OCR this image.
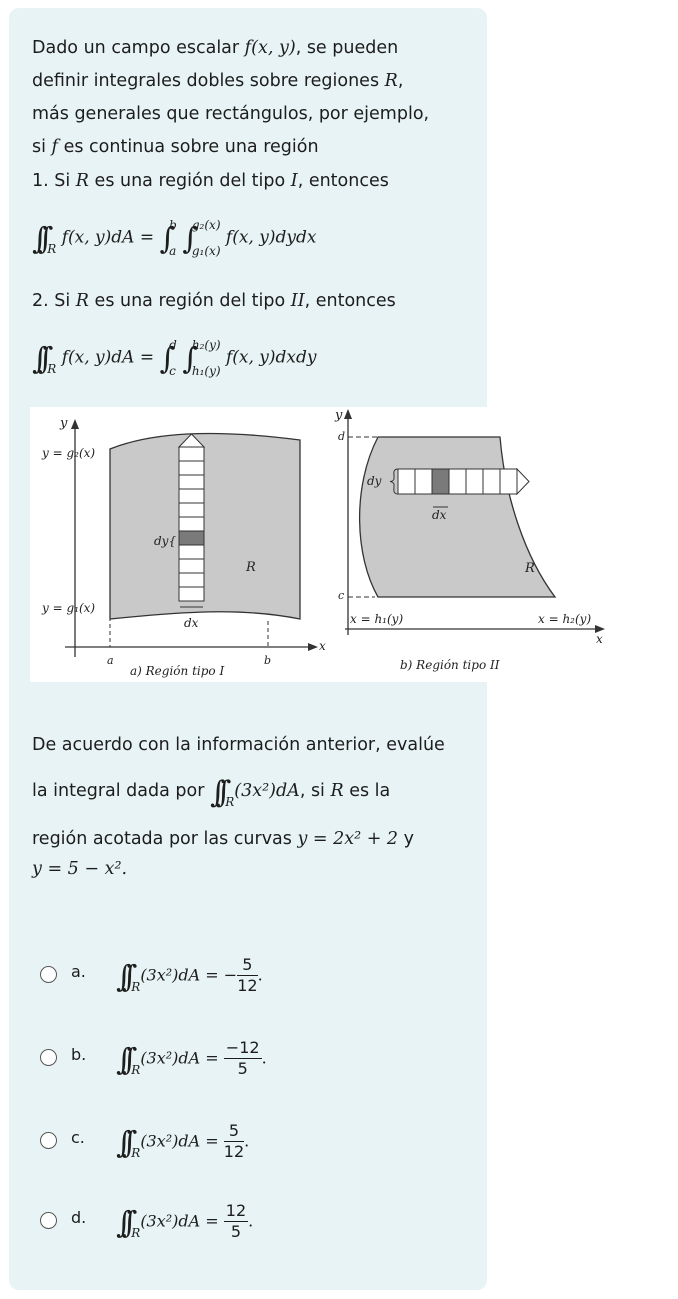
Dado un campo escalar f(x, y), se pueden
definir integrales dobles sobre regiones R,
más generales que rectángulos, por ejemplo,
si f es continua sobre una región
1. Si R es una región del tipo I, entonces
∫∫ $_R$ f(x, y)dA = ∫ b
a ∫ g₂(x)
g₁(x)
f(x, y)dydx
2. Si R es una región del tipo II, entonces
∫∫ $_R$ f(x, y)dA = ∫ d
c ∫ h₂(y)
h₁(y)
f(x, y)dxdy
y
y = g₂(x)
y = g₁(x)
dy{
dx
R
a	b
x
a) Región tipo I
y
d
c
dy
dx
R
x = h₁(y)	x = h₂(y)
x
b) Región tipo II
De acuerdo con la información anterior, evalúe
la integral dada por ∫∫ $_R$(3x²)dA, si R es la
región acotada por las curvas y = 2x² + 2 y
y = 5 − x².
a. ∫∫ $_R$(3x²)dA = − $\frac{5}{12}$ .
b. ∫∫ $_R(3x^2)dA = \frac{-12}{5}$ .
c. ∫∫ $_R(3x^2)dA = \frac{5}{12}$ .
d. ∫∫ $_R(3x^2)dA = \frac{12}{5}$ .
